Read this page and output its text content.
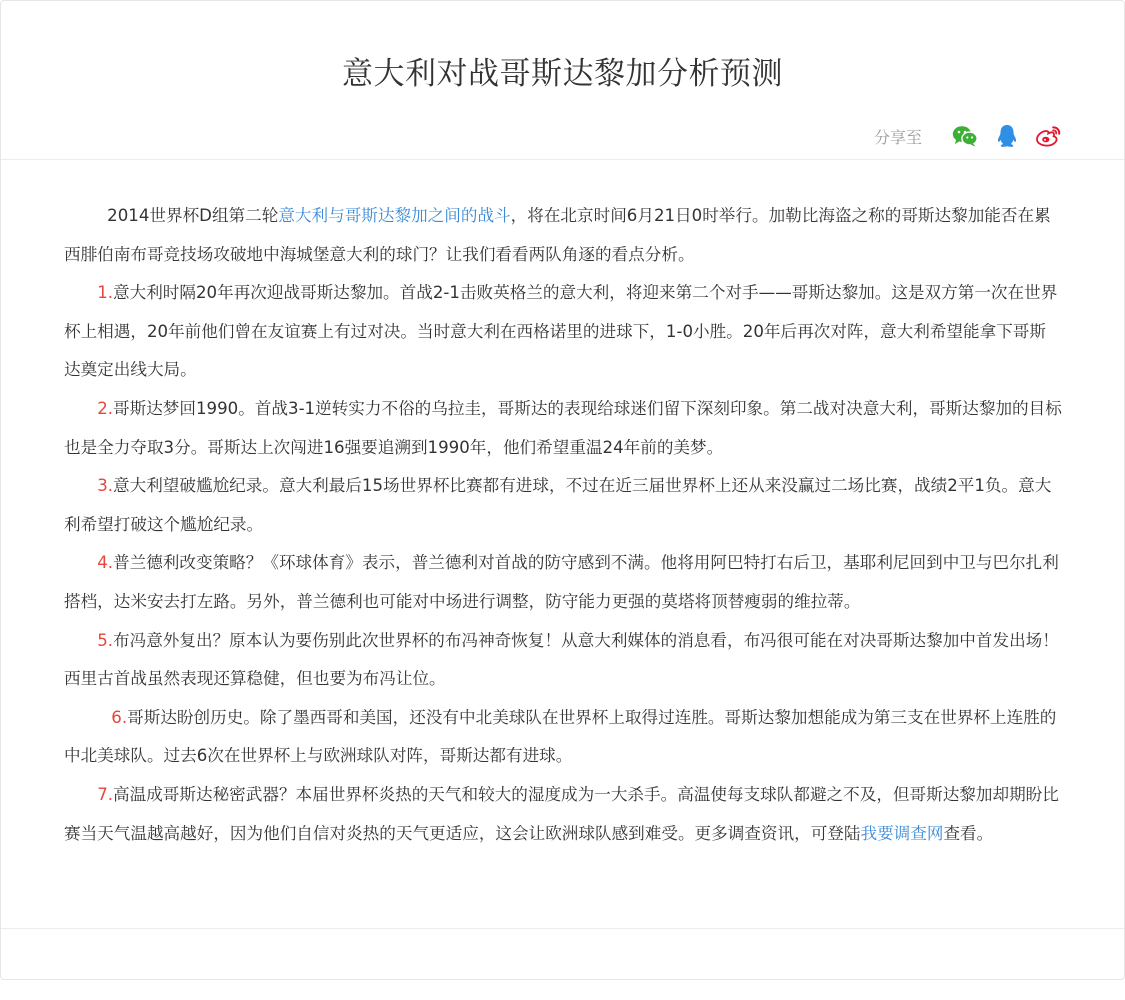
意大利对战哥斯达黎加分析预测
分享至

2014世界杯D组第二轮意大利与哥斯达黎加之间的战斗，将在北京时间6月21日0时举行。加勒比海盗之称的哥斯达黎加能否在累西腓伯南布哥竞技场攻破地中海城堡意大利的球门？让我们看看两队角逐的看点分析。

1.意大利时隔20年再次迎战哥斯达黎加。首战2-1击败英格兰的意大利，将迎来第二个对手——哥斯达黎加。这是双方第一次在世界杯上相遇，20年前他们曾在友谊赛上有过对决。当时意大利在西格诺里的进球下，1-0小胜。20年后再次对阵，意大利希望能拿下哥斯达奠定出线大局。

2.哥斯达梦回1990。首战3-1逆转实力不俗的乌拉圭，哥斯达的表现给球迷们留下深刻印象。第二战对决意大利，哥斯达黎加的目标也是全力夺取3分。哥斯达上次闯进16强要追溯到1990年，他们希望重温24年前的美梦。

3.意大利望破尴尬纪录。意大利最后15场世界杯比赛都有进球，不过在近三届世界杯上还从来没赢过二场比赛，战绩2平1负。意大利希望打破这个尴尬纪录。

4.普兰德利改变策略？《环球体育》表示，普兰德利对首战的防守感到不满。他将用阿巴特打右后卫，基耶利尼回到中卫与巴尔扎利搭档，达米安去打左路。另外，普兰德利也可能对中场进行调整，防守能力更强的莫塔将顶替瘦弱的维拉蒂。

5.布冯意外复出？原本认为要伤别此次世界杯的布冯神奇恢复！从意大利媒体的消息看，布冯很可能在对决哥斯达黎加中首发出场！西里古首战虽然表现还算稳健，但也要为布冯让位。

6.哥斯达盼创历史。除了墨西哥和美国，还没有中北美球队在世界杯上取得过连胜。哥斯达黎加想能成为第三支在世界杯上连胜的中北美球队。过去6次在世界杯上与欧洲球队对阵，哥斯达都有进球。

7.高温成哥斯达秘密武器？本届世界杯炎热的天气和较大的湿度成为一大杀手。高温使每支球队都避之不及，但哥斯达黎加却期盼比赛当天气温越高越好，因为他们自信对炎热的天气更适应，这会让欧洲球队感到难受。更多调查资讯，可登陆我要调查网查看。
